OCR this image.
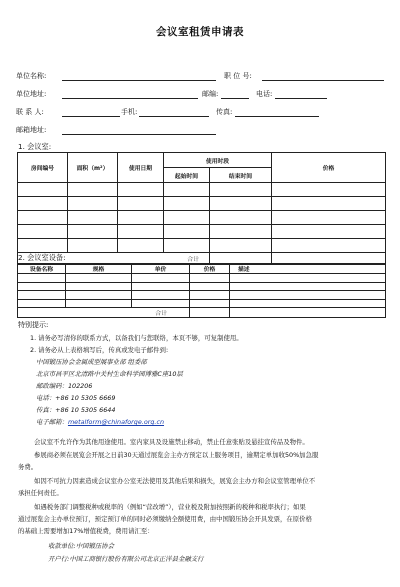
会议室租赁申请表
单位名称:	职 位 号:
单位地址:	邮编:	电话:
联 系 人:	手机:	传真:
邮箱地址:
1. 会议室:
房间编号	面积（m²）	使用日期	使用时段		价格
			起始时间	结束时间	

合计					
2. 会议室设备:
设备名称	规格	单价	价格	描述

合计				
特别提示:
1. 请务必写清你的联系方式，以备我们与您联络，本页不够，可复制使用。
2. 请务必从上表格填写后，传真或发电子邮件到:
中国锻压协会金属成型展事业部 组委部
北京市昌平区北清路中关村生命科学园博雅C座10层
邮政编码：102206
电话：+86 10 5305 6669
传真：+86 10 5305 6644
电子邮箱：metalform@chinaforge.org.cn
会议室不允许作为其他用途使用。室内家具及设施禁止移动，禁止任意张贴及悬挂宣传品及物件。
参展商必须在展览会开展之日前30天通过展览会主办方预定以上服务项目，逾期定单加收50%加急服
务费。
如因不可抗力因素造成会议室办公室无法使用及其他后果和损失，展览会主办方和会议室管理单位不
承担任何责任。
如遇税务部门调整税种或税率的（例如“营改增”），营业税及附加按照新的税种和税率执行；如果
通过展览会主办单位预订，预定预订单的同时必须缴纳全额使用费，由中国锻压协会开具发票，在原价格
的基础上需要增加17%增值税费，费用请汇至：
收款单位:中国锻压协会
开户行:中国工商银行股份有限公司北京正洋县金融支行
